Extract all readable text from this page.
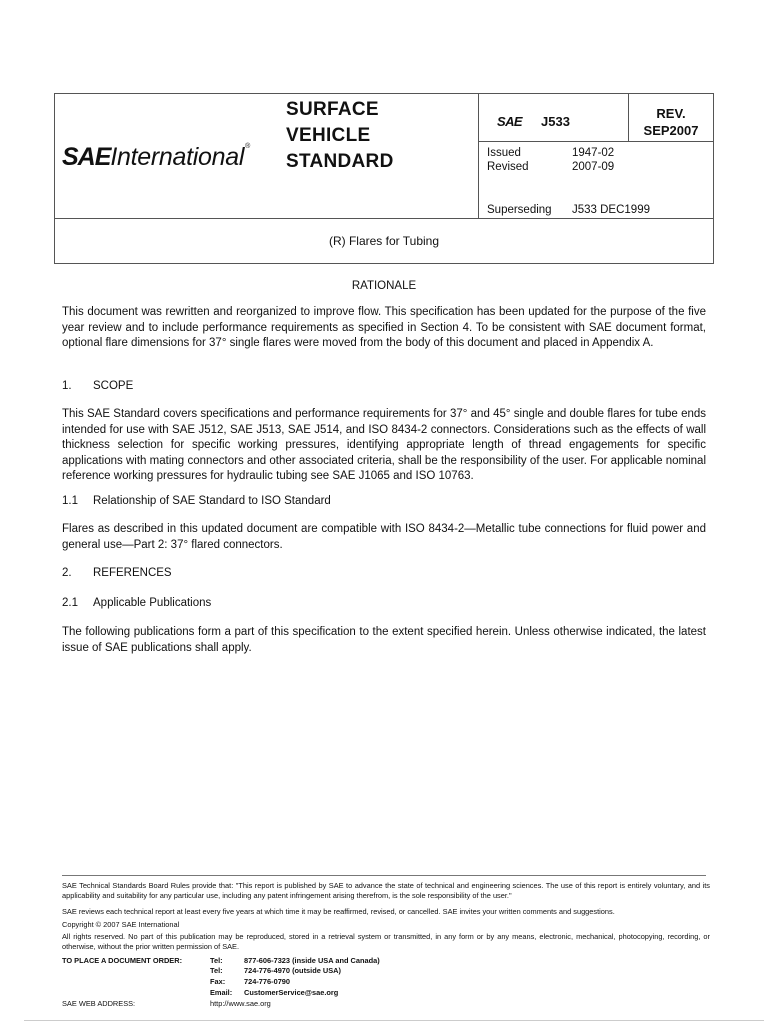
SAEInternational®
SURFACE
VEHICLE
STANDARD
SAE J533
REV.
SEP2007
Issued	1947-02
Revised	2007-09
Superseding J533 DEC1999
(R) Flares for Tubing
RATIONALE
This document was rewritten and reorganized to improve flow. This specification has been updated for the purpose of the five year review and to include performance requirements as specified in Section 4. To be consistent with SAE document format, optional flare dimensions for 37° single flares were moved from the body of this document and placed in Appendix A.
1. SCOPE
This SAE Standard covers specifications and performance requirements for 37° and 45° single and double flares for tube ends intended for use with SAE J512, SAE J513, SAE J514, and ISO 8434-2 connectors. Considerations such as the effects of wall thickness selection for specific working pressures, identifying appropriate length of thread engagements for specific applications with mating connectors and other associated criteria, shall be the responsibility of the user. For applicable nominal reference working pressures for hydraulic tubing see SAE J1065 and ISO 10763.
1.1 Relationship of SAE Standard to ISO Standard
Flares as described in this updated document are compatible with ISO 8434-2—Metallic tube connections for fluid power and general use—Part 2: 37° flared connectors.
2. REFERENCES
2.1 Applicable Publications
The following publications form a part of this specification to the extent specified herein. Unless otherwise indicated, the latest issue of SAE publications shall apply.
SAE Technical Standards Board Rules provide that: "This report is published by SAE to advance the state of technical and engineering sciences. The use of this report is entirely voluntary, and its applicability and suitability for any particular use, including any patent infringement arising therefrom, is the sole responsibility of the user."
SAE reviews each technical report at least every five years at which time it may be reaffirmed, revised, or cancelled. SAE invites your written comments and suggestions.
Copyright © 2007 SAE International
All rights reserved. No part of this publication may be reproduced, stored in a retrieval system or transmitted, in any form or by any means, electronic, mechanical, photocopying, recording, or otherwise, without the prior written permission of SAE.
TO PLACE A DOCUMENT ORDER:	Tel:	877-606-7323 (inside USA and Canada)
Tel:	724-776-4970 (outside USA)
Fax:	724-776-0790
Email: CustomerService@sae.org
SAE WEB ADDRESS:	http://www.sae.org
